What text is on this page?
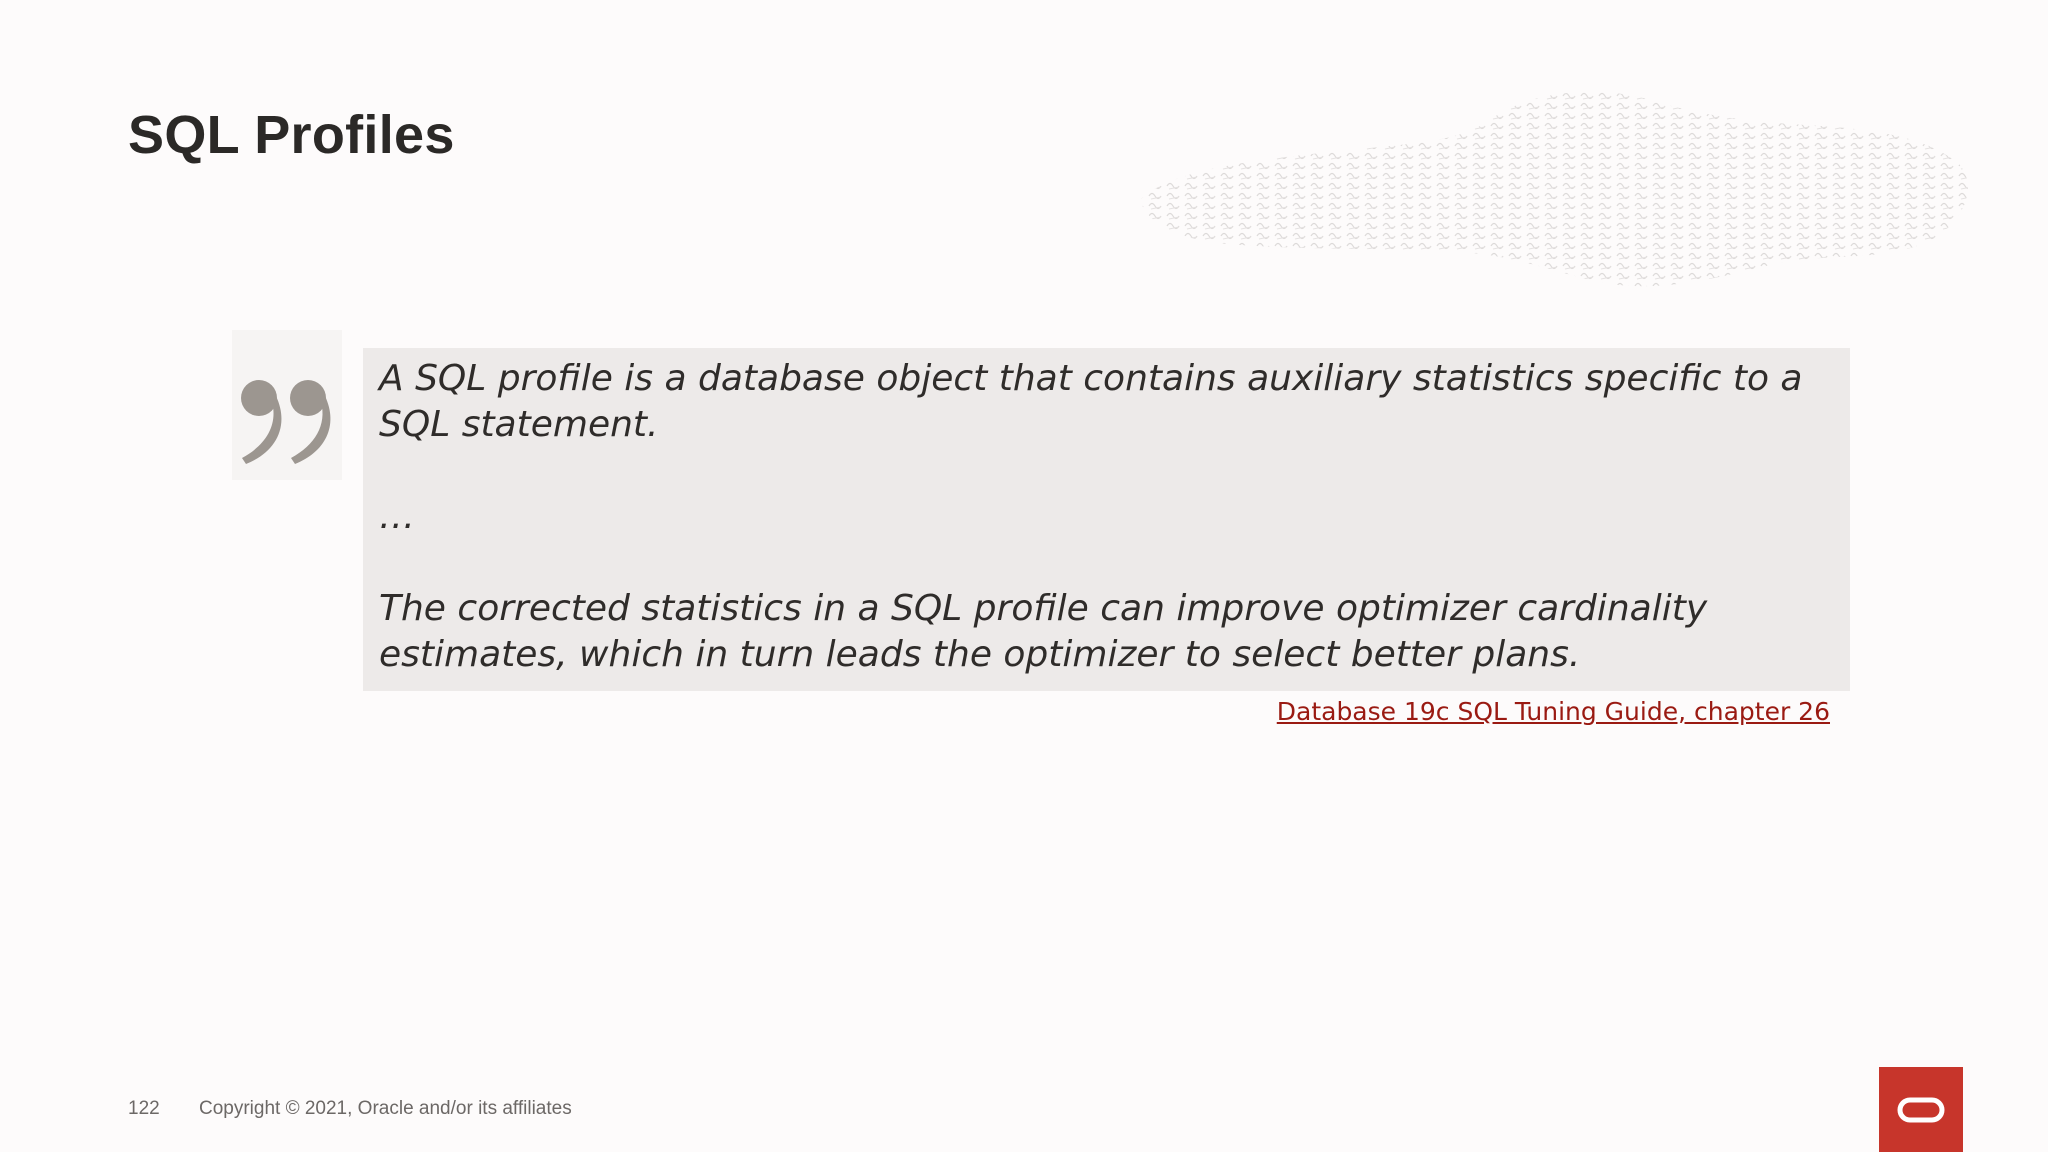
SQL Profiles

A SQL profile is a database object that contains auxiliary statistics specific to a SQL statement.

…

The corrected statistics in a SQL profile can improve optimizer cardinality estimates, which in turn leads the optimizer to select better plans.

Database 19c SQL Tuning Guide, chapter 26
122 Copyright © 2021, Oracle and/or its affiliates
